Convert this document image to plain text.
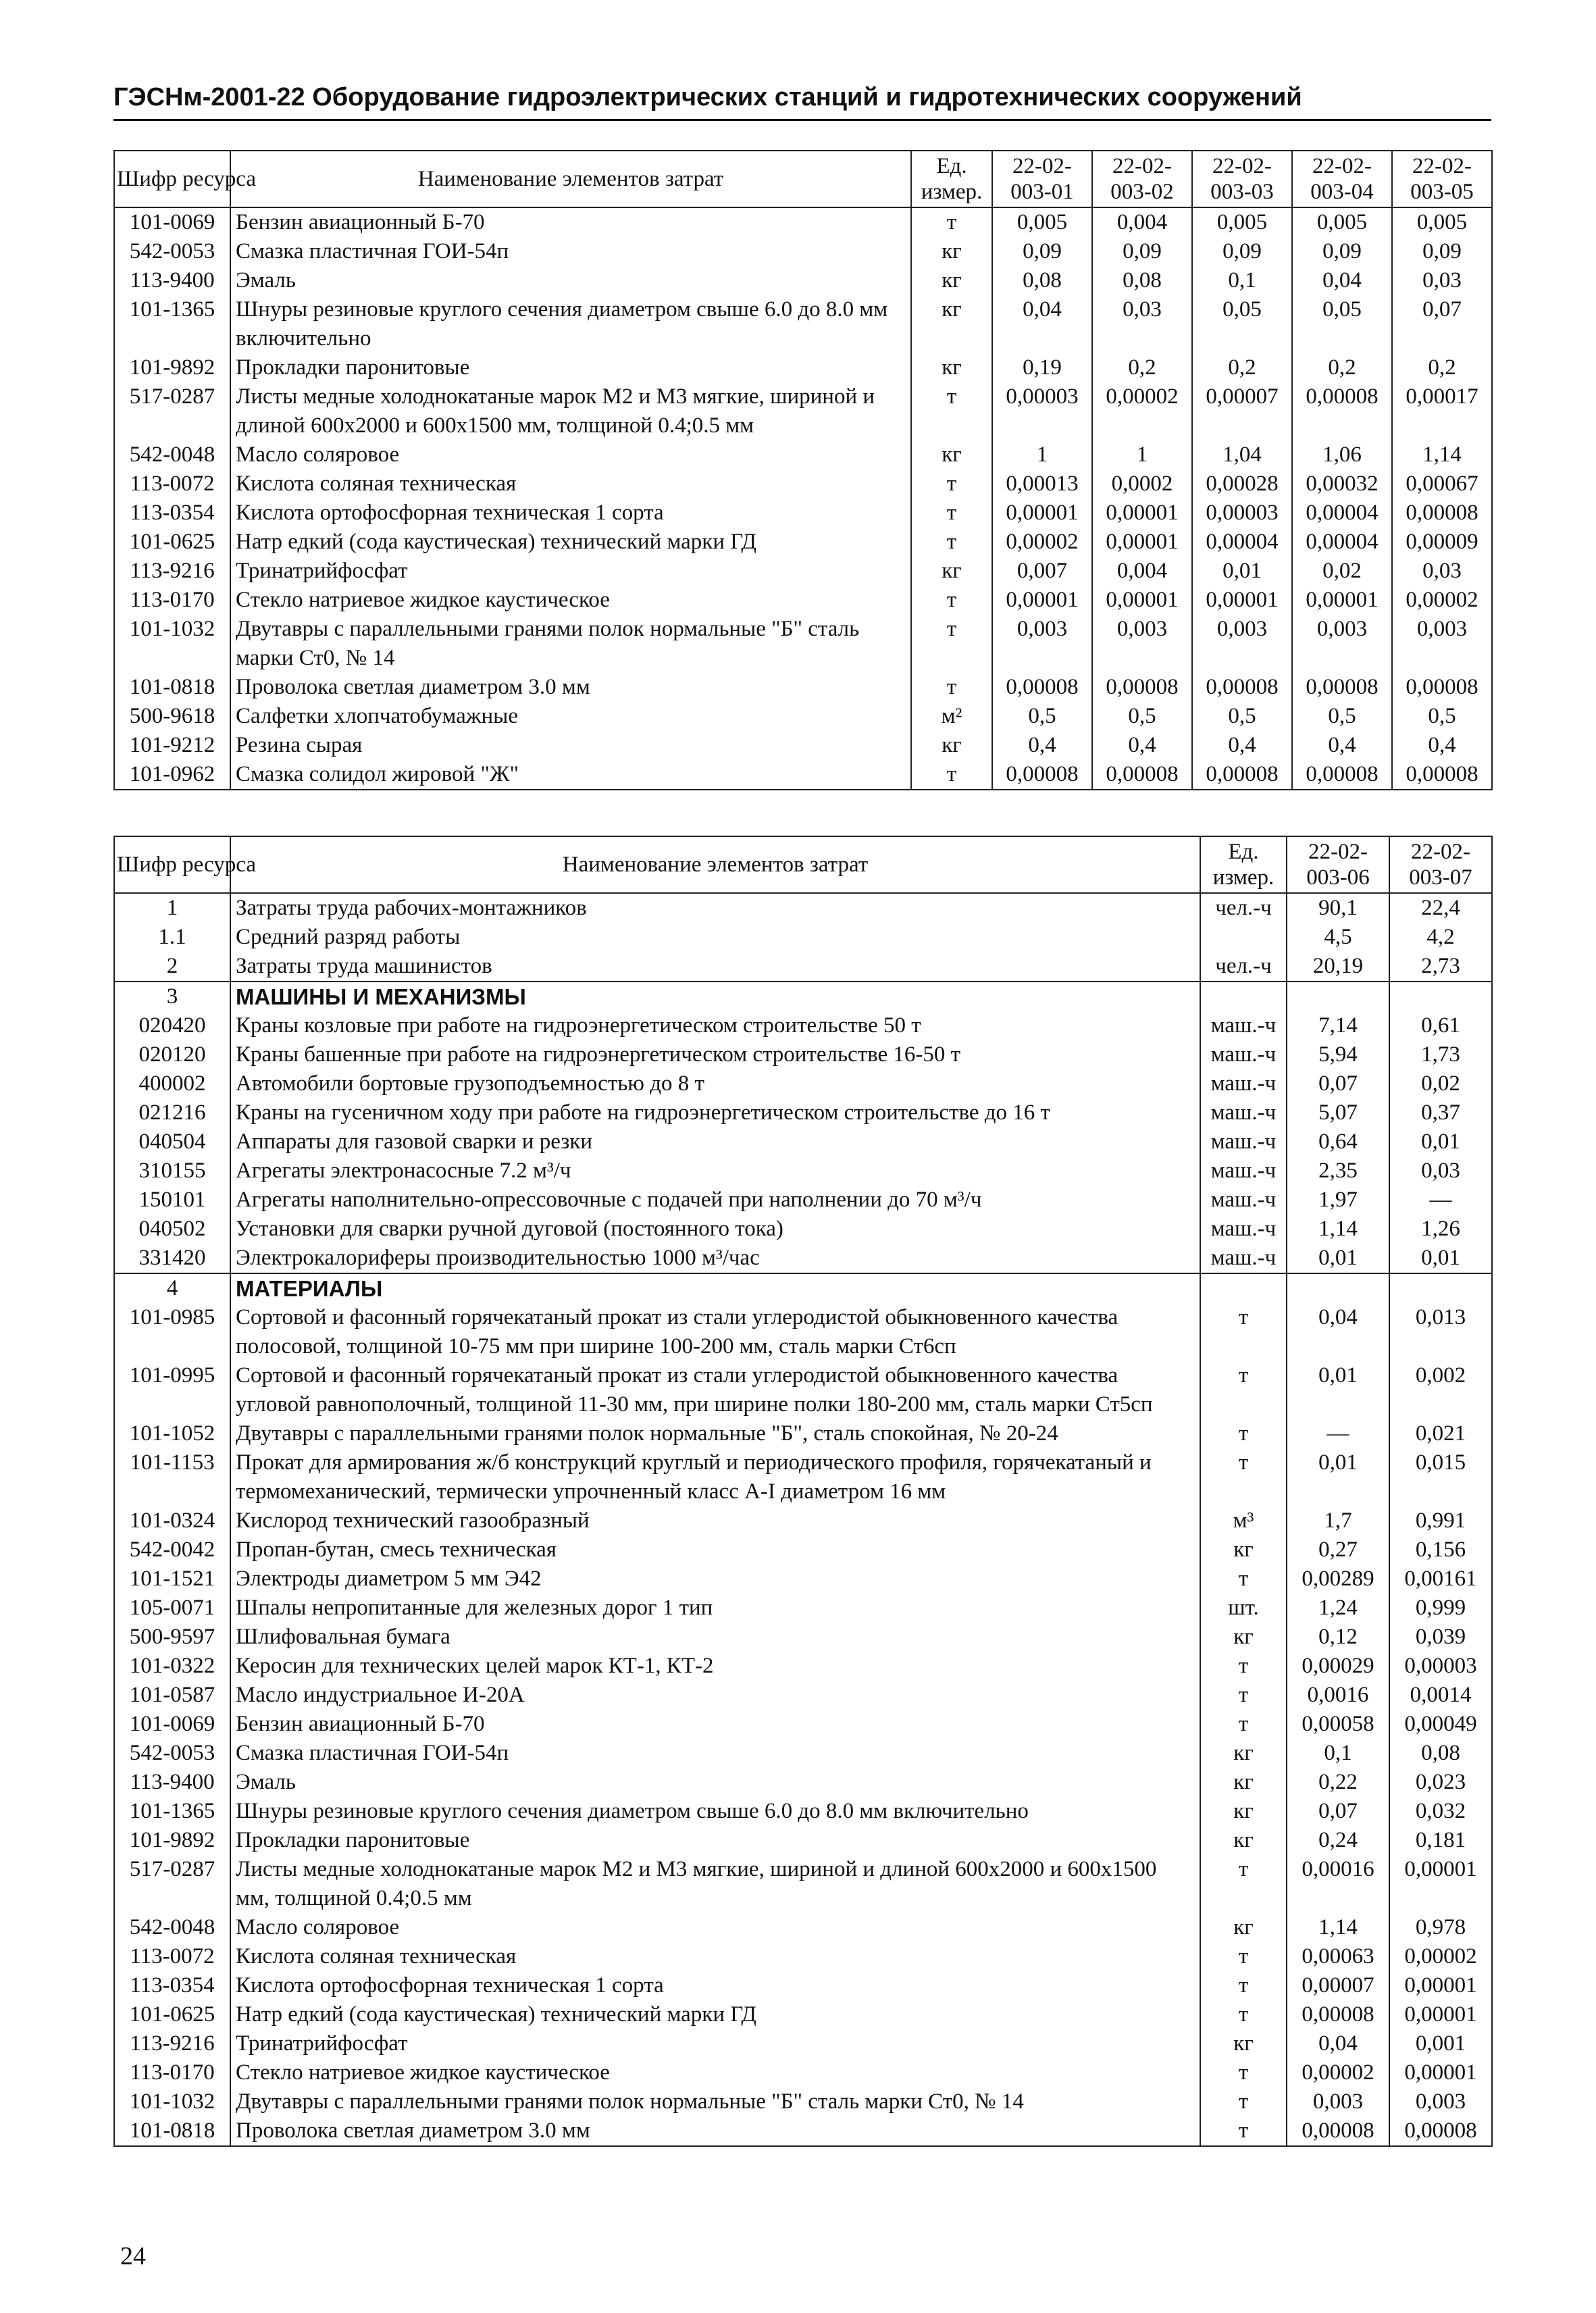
ГЭСНм-2001-22 Оборудование гидроэлектрических станций и гидротехнических сооружений
Шифр ресурса	Наименование элементов затрат	Ед. измер.	22-02-003-01	22-02-003-02	22-02-003-03	22-02-003-04	22-02-003-05
101-0069	Бензин авиационный Б-70	т	0,005	0,004	0,005	0,005	0,005
542-0053	Смазка пластичная ГОИ-54п	кг	0,09	0,09	0,09	0,09	0,09
113-9400	Эмаль	кг	0,08	0,08	0,1	0,04	0,03
101-1365	Шнуры резиновые круглого сечения диаметром свыше 6.0 до 8.0 мм включительно	кг	0,04	0,03	0,05	0,05	0,07
101-9892	Прокладки паронитовые	кг	0,19	0,2	0,2	0,2	0,2
517-0287	Листы медные холоднокатаные марок М2 и М3 мягкие, шириной и длиной 600x2000 и 600x1500 мм, толщиной 0.4;0.5 мм	т	0,00003	0,00002	0,00007	0,00008	0,00017
542-0048	Масло соляровое	кг	1	1	1,04	1,06	1,14
113-0072	Кислота соляная техническая	т	0,00013	0,0002	0,00028	0,00032	0,00067
113-0354	Кислота ортофосфорная техническая 1 сорта	т	0,00001	0,00001	0,00003	0,00004	0,00008
101-0625	Натр едкий (сода каустическая) технический марки ГД	т	0,00002	0,00001	0,00004	0,00004	0,00009
113-9216	Тринатрийфосфат	кг	0,007	0,004	0,01	0,02	0,03
113-0170	Стекло натриевое жидкое каустическое	т	0,00001	0,00001	0,00001	0,00001	0,00002
101-1032	Двутавры с параллельными гранями полок нормальные "Б" сталь марки Ст0, № 14	т	0,003	0,003	0,003	0,003	0,003
101-0818	Проволока светлая диаметром 3.0 мм	т	0,00008	0,00008	0,00008	0,00008	0,00008
500-9618	Салфетки хлопчатобумажные	м²	0,5	0,5	0,5	0,5	0,5
101-9212	Резина сырая	кг	0,4	0,4	0,4	0,4	0,4
101-0962	Смазка солидол жировой "Ж"	т	0,00008	0,00008	0,00008	0,00008	0,00008
Шифр ресурса	Наименование элементов затрат	Ед. измер.	22-02-003-06	22-02-003-07
1	Затраты труда рабочих-монтажников	чел.-ч	90,1	22,4
1.1	Средний разряд работы		4,5	4,2
2	Затраты труда машинистов	чел.-ч	20,19	2,73
3	МАШИНЫ И МЕХАНИЗМЫ			
020420	Краны козловые при работе на гидроэнергетическом строительстве 50 т	маш.-ч	7,14	0,61
020120	Краны башенные при работе на гидроэнергетическом строительстве 16-50 т	маш.-ч	5,94	1,73
400002	Автомобили бортовые грузоподъемностью до 8 т	маш.-ч	0,07	0,02
021216	Краны на гусеничном ходу при работе на гидроэнергетическом строительстве до 16 т	маш.-ч	5,07	0,37
040504	Аппараты для газовой сварки и резки	маш.-ч	0,64	0,01
310155	Агрегаты электронасосные 7.2 м³/ч	маш.-ч	2,35	0,03
150101	Агрегаты наполнительно-опрессовочные с подачей при наполнении до 70 м³/ч	маш.-ч	1,97	—
040502	Установки для сварки ручной дуговой (постоянного тока)	маш.-ч	1,14	1,26
331420	Электрокалориферы производительностью 1000 м³/час	маш.-ч	0,01	0,01
4	МАТЕРИАЛЫ			
101-0985	Сортовой и фасонный горячекатаный прокат из стали углеродистой обыкновенного качества полосовой, толщиной 10-75 мм при ширине 100-200 мм, сталь марки Ст6сп	т	0,04	0,013
101-0995	Сортовой и фасонный горячекатаный прокат из стали углеродистой обыкновенного качества угловой равнополочный, толщиной 11-30 мм, при ширине полки 180-200 мм, сталь марки Ст5сп	т	0,01	0,002
101-1052	Двутавры с параллельными гранями полок нормальные "Б", сталь спокойная, № 20-24	т	—	0,021
101-1153	Прокат для армирования ж/б конструкций круглый и периодического профиля, горячекатаный и термомеханический, термически упрочненный класс А-I диаметром 16 мм	т	0,01	0,015
101-0324	Кислород технический газообразный	м³	1,7	0,991
542-0042	Пропан-бутан, смесь техническая	кг	0,27	0,156
101-1521	Электроды диаметром 5 мм Э42	т	0,00289	0,00161
105-0071	Шпалы непропитанные для железных дорог 1 тип	шт.	1,24	0,999
500-9597	Шлифовальная бумага	кг	0,12	0,039
101-0322	Керосин для технических целей марок КТ-1, КТ-2	т	0,00029	0,00003
101-0587	Масло индустриальное И-20А	т	0,0016	0,0014
101-0069	Бензин авиационный Б-70	т	0,00058	0,00049
542-0053	Смазка пластичная ГОИ-54п	кг	0,1	0,08
113-9400	Эмаль	кг	0,22	0,023
101-1365	Шнуры резиновые круглого сечения диаметром свыше 6.0 до 8.0 мм включительно	кг	0,07	0,032
101-9892	Прокладки паронитовые	кг	0,24	0,181
517-0287	Листы медные холоднокатаные марок М2 и М3 мягкие, шириной и длиной 600x2000 и 600x1500 мм, толщиной 0.4;0.5 мм	т	0,00016	0,00001
542-0048	Масло соляровое	кг	1,14	0,978
113-0072	Кислота соляная техническая	т	0,00063	0,00002
113-0354	Кислота ортофосфорная техническая 1 сорта	т	0,00007	0,00001
101-0625	Натр едкий (сода каустическая) технический марки ГД	т	0,00008	0,00001
113-9216	Тринатрийфосфат	кг	0,04	0,001
113-0170	Стекло натриевое жидкое каустическое	т	0,00002	0,00001
101-1032	Двутавры с параллельными гранями полок нормальные "Б" сталь марки Ст0, № 14	т	0,003	0,003
101-0818	Проволока светлая диаметром 3.0 мм	т	0,00008	0,00008
24
